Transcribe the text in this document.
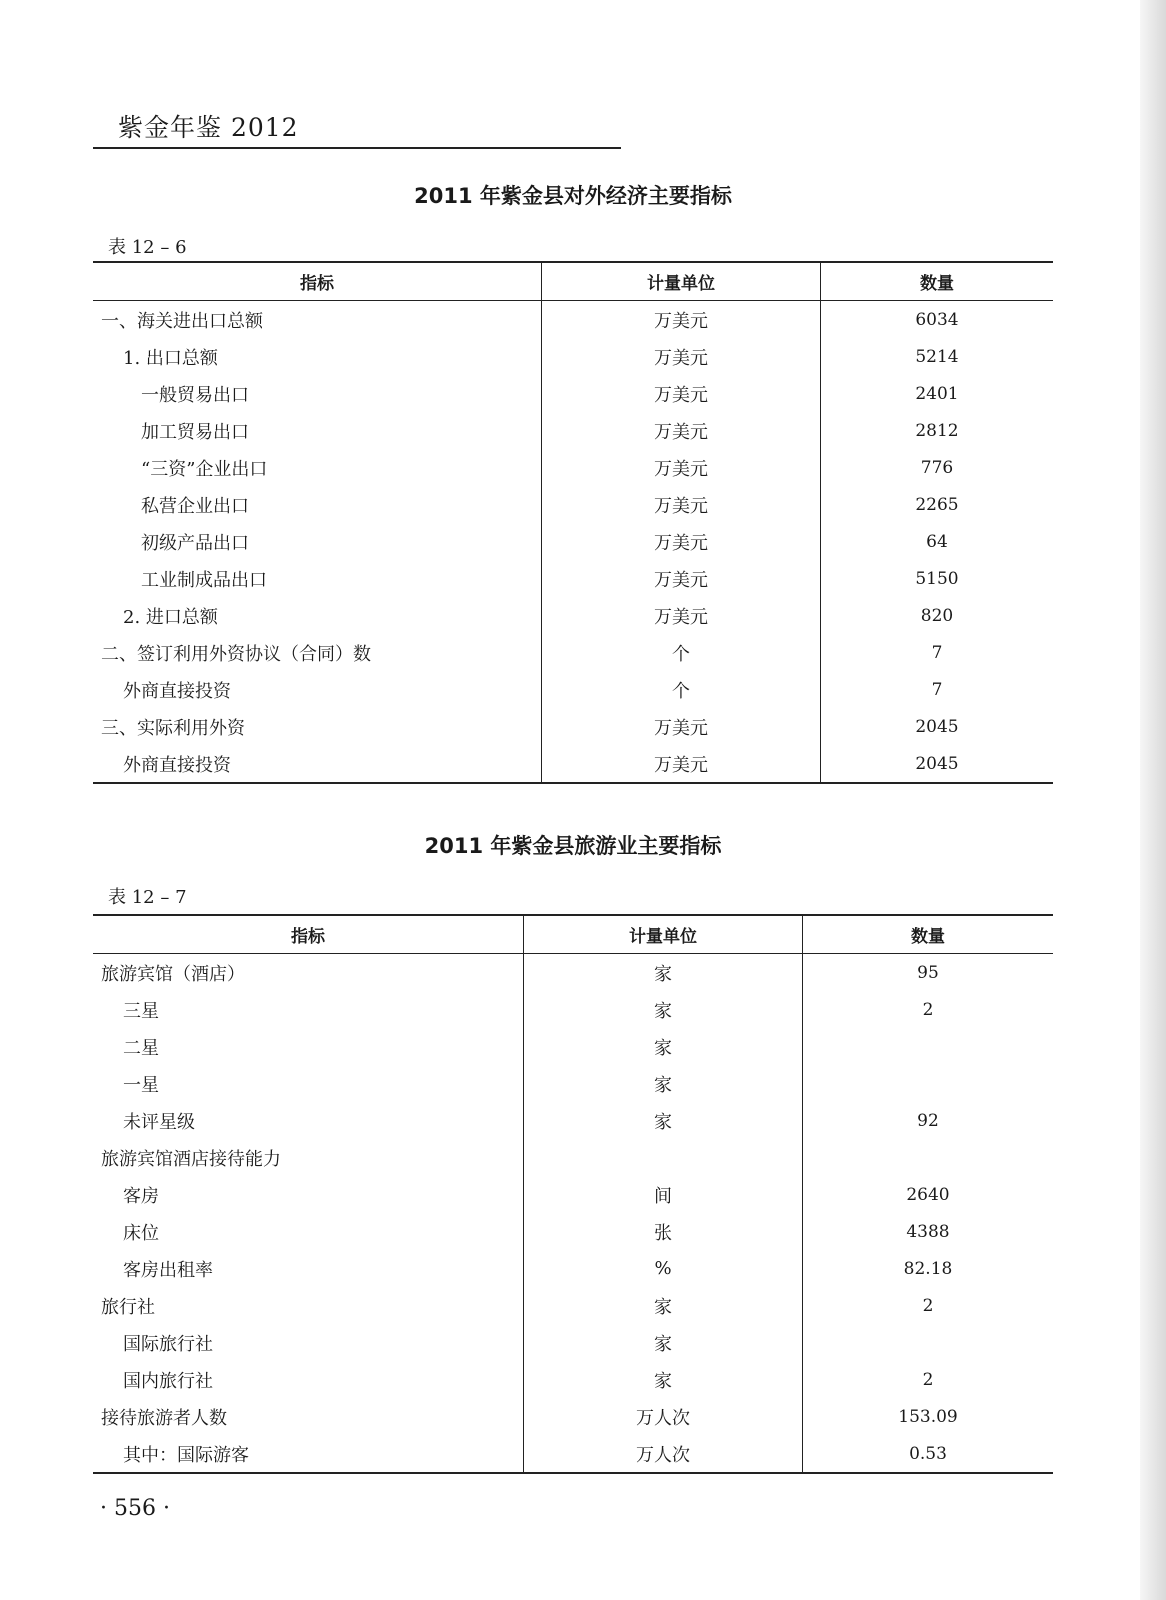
紫金年鉴 2012
2011 年紫金县对外经济主要指标
表 12 – 6
指标	计量单位	数量
一、海关进出口总额	万美元	6034
1. 出口总额	万美元	5214
一般贸易出口	万美元	2401
加工贸易出口	万美元	2812
“三资”企业出口	万美元	776
私营企业出口	万美元	2265
初级产品出口	万美元	64
工业制成品出口	万美元	5150
2. 进口总额	万美元	820
二、签订利用外资协议（合同）数	个	7
外商直接投资	个	7
三、实际利用外资	万美元	2045
外商直接投资	万美元	2045
2011 年紫金县旅游业主要指标
表 12 – 7
指标	计量单位	数量
旅游宾馆（酒店）	家	95
三星	家	2
二星	家	
一星	家	
未评星级	家	92
旅游宾馆酒店接待能力		
客房	间	2640
床位	张	4388
客房出租率	%	82.18
旅行社	家	2
国际旅行社	家	
国内旅行社	家	2
接待旅游者人数	万人次	153.09
其中：国际游客	万人次	0.53
· 556 ·
